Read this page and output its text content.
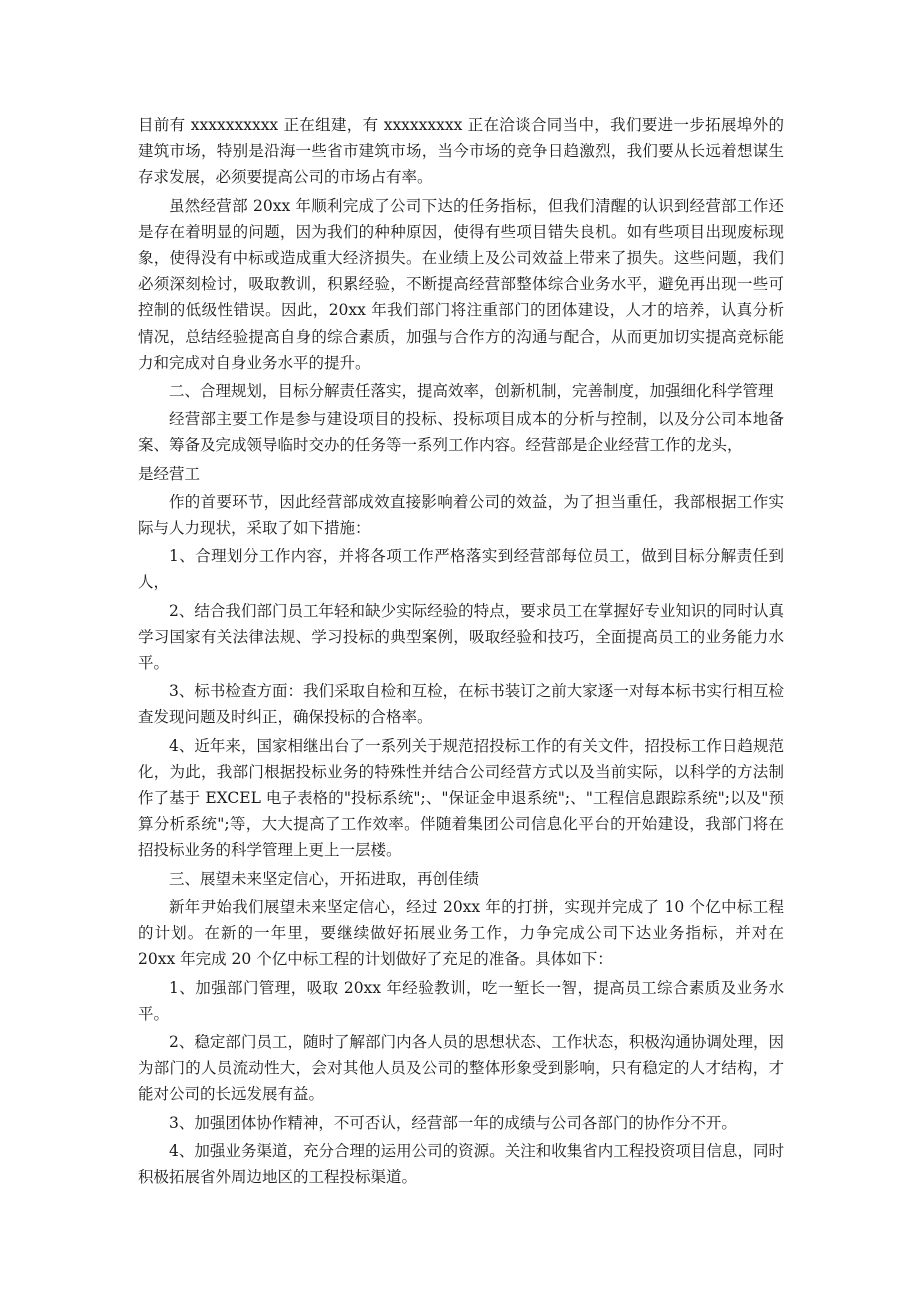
目前有 xxxxxxxxxx 正在组建，有 xxxxxxxxx 正在洽谈合同当中，我们要进一步拓展埠外的建筑市场，特别是沿海一些省市建筑市场，当今市场的竞争日趋激烈，我们要从长远着想谋生存求发展，必须要提高公司的市场占有率。

虽然经营部 20xx 年顺利完成了公司下达的任务指标，但我们清醒的认识到经营部工作还是存在着明显的问题，因为我们的种种原因，使得有些项目错失良机。如有些项目出现废标现象，使得没有中标或造成重大经济损失。在业绩上及公司效益上带来了损失。这些问题，我们必须深刻检讨，吸取教训，积累经验，不断提高经营部整体综合业务水平，避免再出现一些可控制的低级性错误。因此，20xx 年我们部门将注重部门的团体建设，人才的培养，认真分析情况，总结经验提高自身的综合素质，加强与合作方的沟通与配合，从而更加切实提高竞标能力和完成对自身业务水平的提升。

二、合理规划，目标分解责任落实，提高效率，创新机制，完善制度，加强细化科学管理

经营部主要工作是参与建设项目的投标、投标项目成本的分析与控制，以及分公司本地备案、筹备及完成领导临时交办的任务等一系列工作内容。经营部是企业经营工作的龙头，

是经营工

作的首要环节，因此经营部成效直接影响着公司的效益，为了担当重任，我部根据工作实际与人力现状，采取了如下措施：

1、合理划分工作内容，并将各项工作严格落实到经营部每位员工，做到目标分解责任到人，

2、结合我们部门员工年轻和缺少实际经验的特点，要求员工在掌握好专业知识的同时认真学习国家有关法律法规、学习投标的典型案例，吸取经验和技巧，全面提高员工的业务能力水平。

3、标书检查方面：我们采取自检和互检，在标书装订之前大家逐一对每本标书实行相互检查发现问题及时纠正，确保投标的合格率。

4、近年来，国家相继出台了一系列关于规范招投标工作的有关文件，招投标工作日趋规范化，为此，我部门根据投标业务的特殊性并结合公司经营方式以及当前实际，以科学的方法制作了基于 EXCEL 电子表格的"投标系统";、"保证金申退系统";、"工程信息跟踪系统";以及"预算分析系统";等，大大提高了工作效率。伴随着集团公司信息化平台的开始建设，我部门将在招投标业务的科学管理上更上一层楼。

三、展望未来坚定信心，开拓进取，再创佳绩

新年尹始我们展望未来坚定信心，经过 20xx 年的打拼，实现并完成了 10 个亿中标工程的计划。在新的一年里，要继续做好拓展业务工作，力争完成公司下达业务指标，并对在 20xx 年完成 20 个亿中标工程的计划做好了充足的准备。具体如下：

1、加强部门管理，吸取 20xx 年经验教训，吃一堑长一智，提高员工综合素质及业务水平。

2、稳定部门员工，随时了解部门内各人员的思想状态、工作状态，积极沟通协调处理，因为部门的人员流动性大，会对其他人员及公司的整体形象受到影响，只有稳定的人才结构，才能对公司的长远发展有益。

3、加强团体协作精神，不可否认，经营部一年的成绩与公司各部门的协作分不开。

4、加强业务渠道，充分合理的运用公司的资源。关注和收集省内工程投资项目信息，同时积极拓展省外周边地区的工程投标渠道。
